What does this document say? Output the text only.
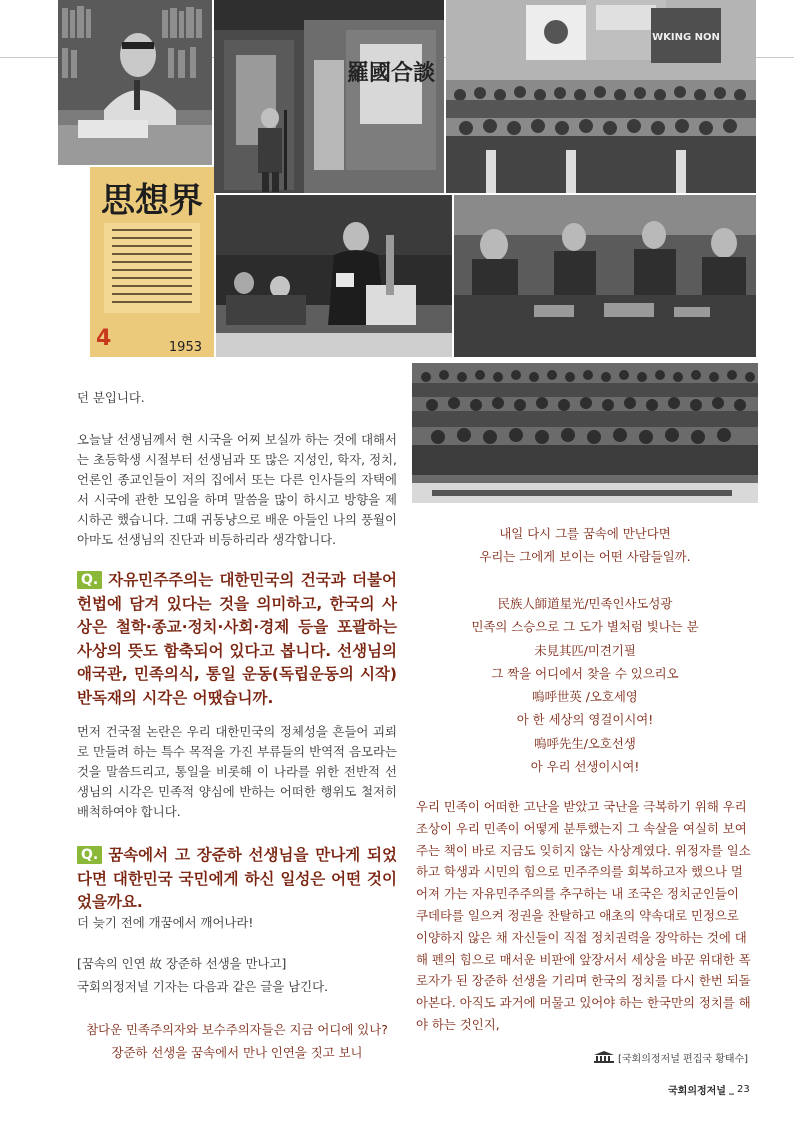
羅國合談
WKING NON
思想界
4	1953
던 분입니다.
오늘날 선생님께서 현 시국을 어찌 보실까 하는 것에 대해서는 초등학생 시절부터 선생님과 또 많은 지성인, 학자, 정치, 언론인 종교인들이 저의 집에서 또는 다른 인사들의 자택에서 시국에 관한 모임을 하며 말씀을 많이 하시고 방향을 제시하곤 했습니다. 그때 귀동냥으로 배운 아들인 나의 풍월이 아마도 선생님의 진단과 비등하리라 생각합니다.
Q. 자유민주주의는 대한민국의 건국과 더불어 헌법에 담겨 있다는 것을 의미하고, 한국의 사상은 철학·종교·정치·사회·경제 등을 포괄하는 사상의 뜻도 함축되어 있다고 봅니다. 선생님의 애국관, 민족의식, 통일 운동(독립운동의 시작) 반독재의 시각은 어땠습니까.
먼저 건국절 논란은 우리 대한민국의 정체성을 흔들어 괴뢰로 만들려 하는 특수 목적을 가진 부류들의 반역적 음모라는 것을 말씀드리고, 통일을 비롯해 이 나라를 위한 전반적 선생님의 시각은 민족적 양심에 반하는 어떠한 행위도 철저히 배척하여야 합니다.
Q. 꿈속에서 고 장준하 선생님을 만나게 되었다면 대한민국 국민에게 하신 일성은 어떤 것이었을까요.
더 늦기 전에 개꿈에서 깨어나라!
[꿈속의 인연 故 장준하 선생을 만나고]
국회의정저널 기자는 다음과 같은 글을 남긴다.
참다운 민족주의자와 보수주의자들은 지금 어디에 있나?
장준하 선생을 꿈속에서 만나 인연을 짓고 보니
내일 다시 그를 꿈속에 만난다면
우리는 그에게 보이는 어떤 사람들일까.
民族人師道星光/민족인사도성광
민족의 스승으로 그 도가 별처럼 빛나는 분
未見其匹/미견기필
그 짝을 어디에서 찾을 수 있으리오
嗚呼世英 /오호세영
아 한 세상의 영걸이시여!
嗚呼先生/오호선생
아 우리 선생이시여!
우리 민족이 어떠한 고난을 받았고 국난을 극복하기 위해 우리
조상이 우리 민족이 어떻게 분투했는지 그 속살을 여실히 보여
주는 책이 바로 지금도 잊히지 않는 사상계였다. 위정자를 일소
하고 학생과 시민의 힘으로 민주주의를 회복하고자 했으나 멀
어져 가는 자유민주주의를 추구하는 내 조국은 정치군인들이
쿠데타를 일으켜 정권을 찬탈하고 애초의 약속대로 민정으로
이양하지 않은 채 자신들이 직접 정치권력을 장악하는 것에 대
해 펜의 힘으로 매서운 비판에 앞장서서 세상을 바꾼 위대한 폭
로자가 된 장준하 선생을 기리며 한국의 정치를 다시 한번 되돌
아본다. 아직도 과거에 머물고 있어야 하는 한국만의 정치를 해
야 하는 것인지,
[국회의정저널 편집국 황태수]
국회의정저널 _ 23
